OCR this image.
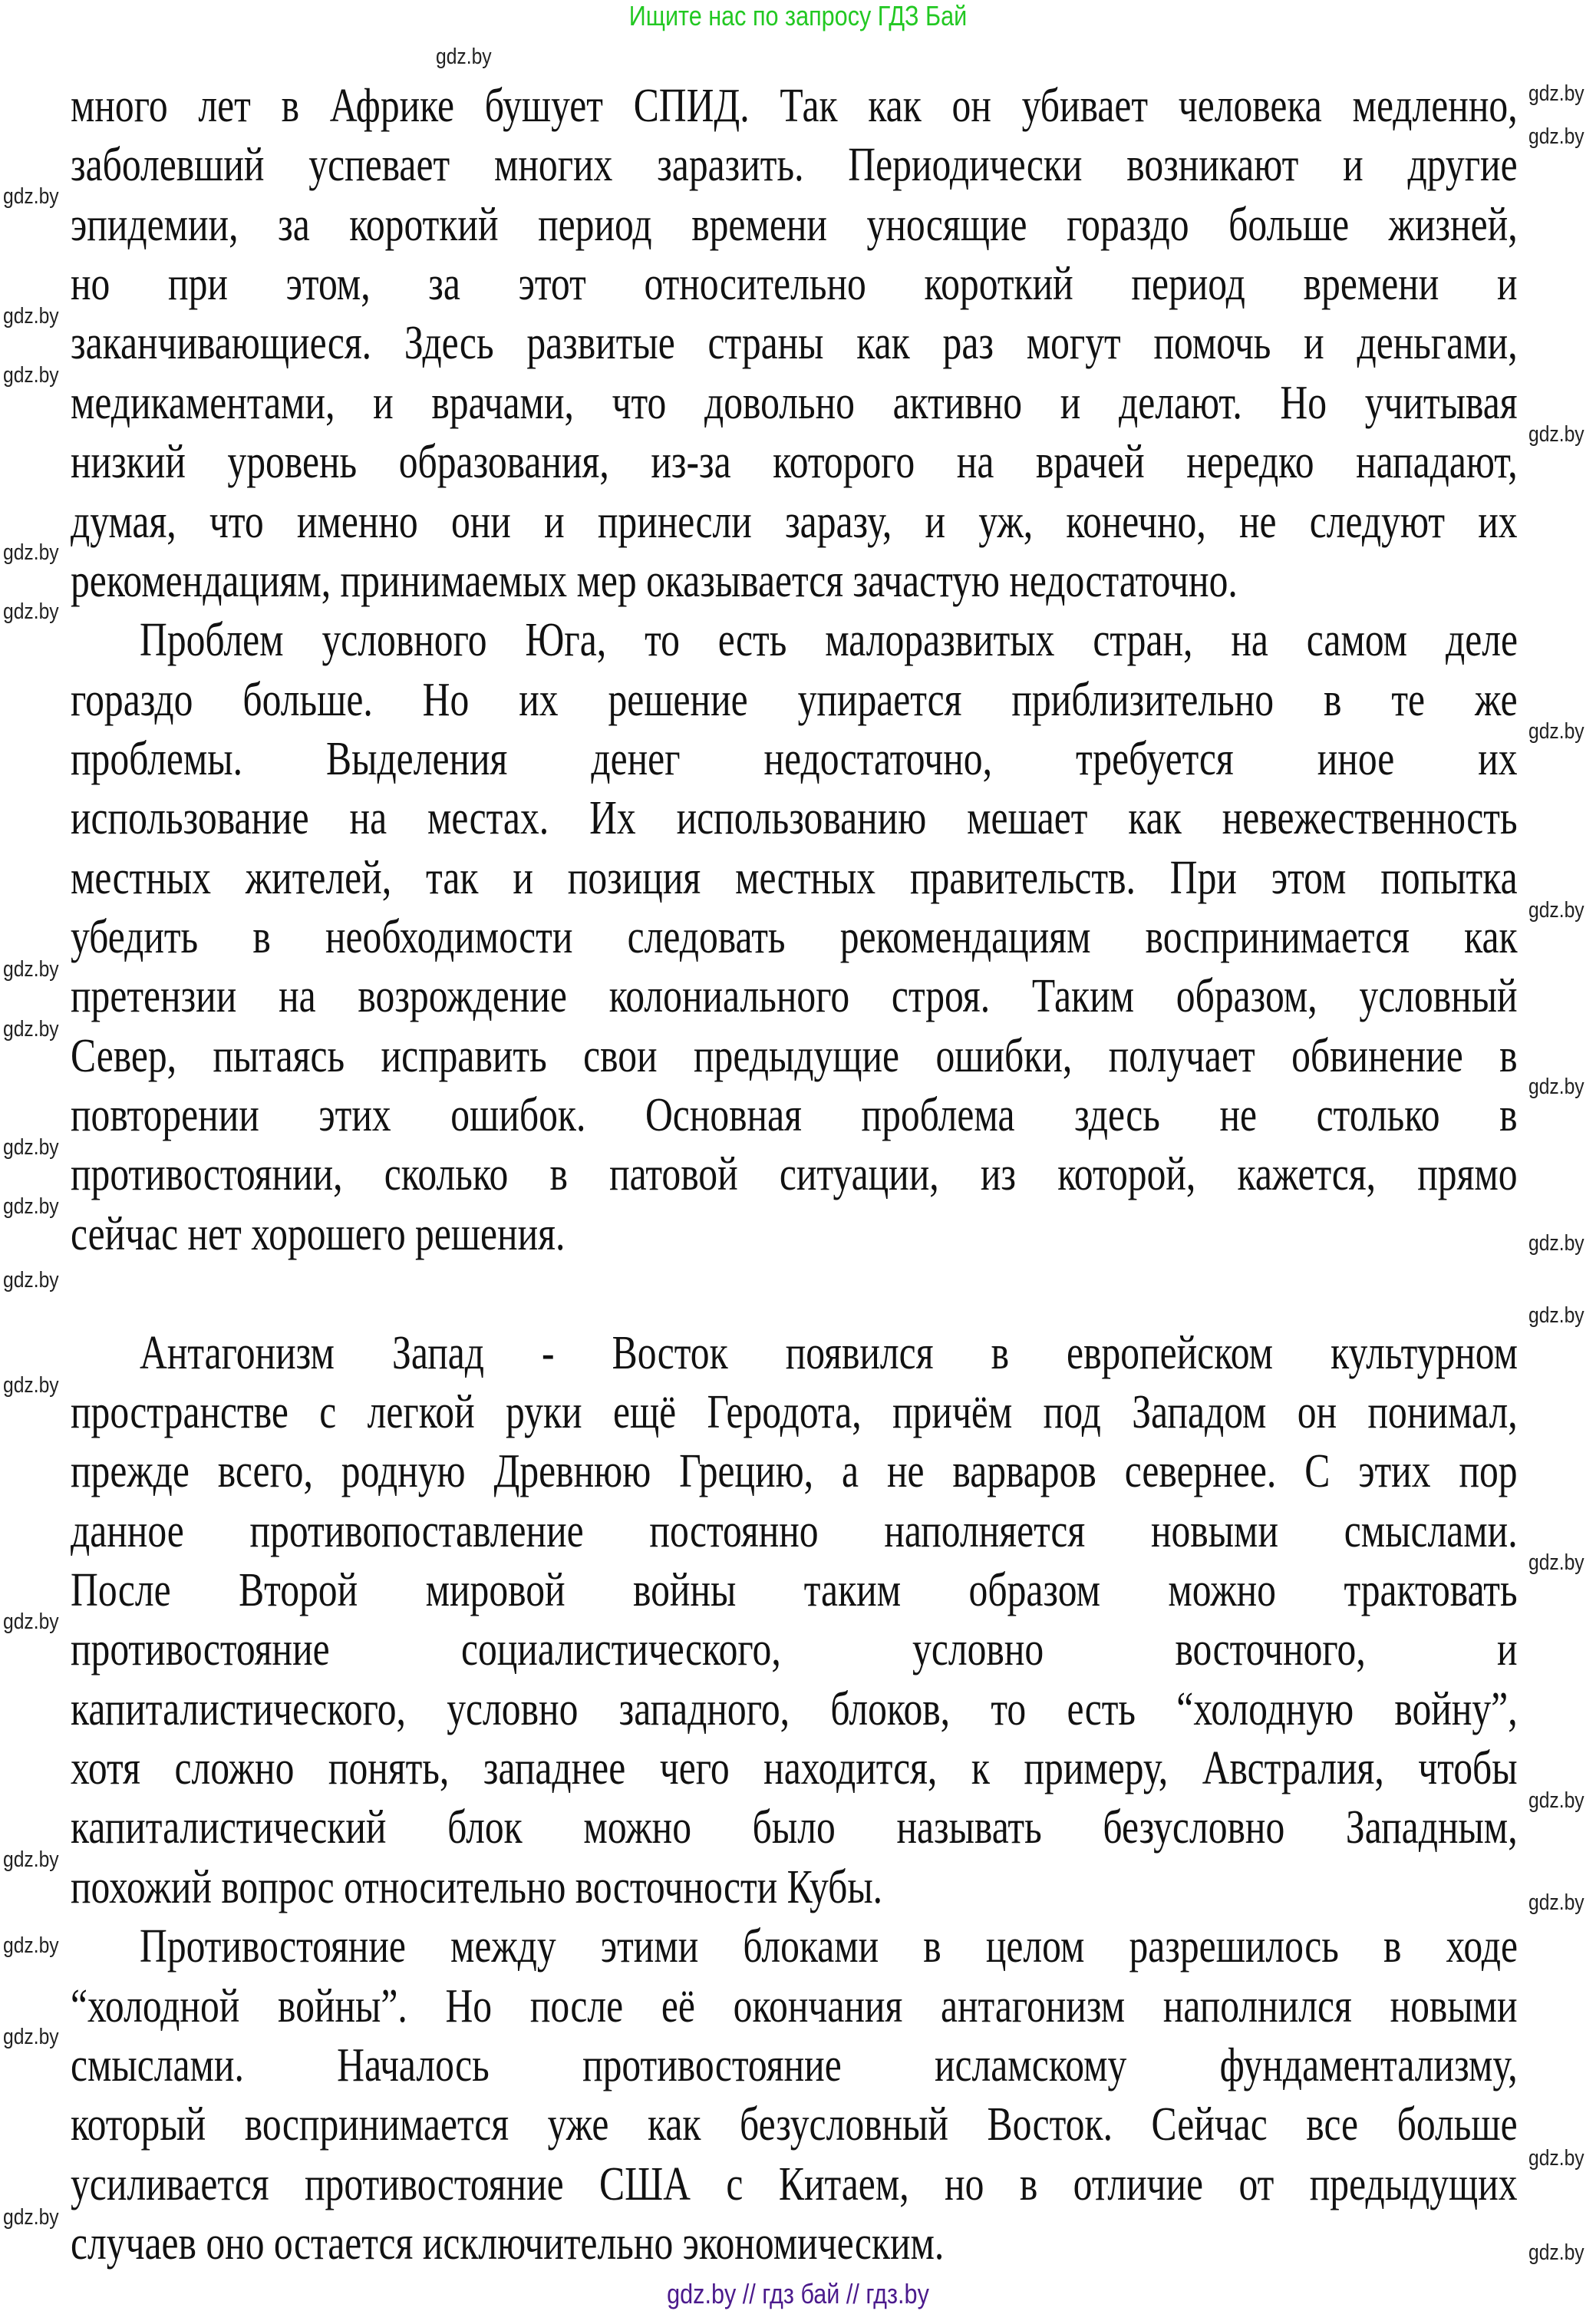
Ищите нас по запросу ГДЗ Бай
много лет в Африке бушует СПИД. Так как он убивает человека медленно,
заболевший успевает многих заразить. Периодически возникают и другие
эпидемии, за короткий период времени уносящие гораздо больше жизней,
но при этом, за этот относительно короткий период времени и
заканчивающиеся. Здесь развитые страны как раз могут помочь и деньгами,
медикаментами, и врачами, что довольно активно и делают. Но учитывая
низкий уровень образования, из-за которого на врачей нередко нападают,
думая, что именно они и принесли заразу, и уж, конечно, не следуют их
рекомендациям, принимаемых мер оказывается зачастую недостаточно.
Проблем условного Юга, то есть малоразвитых стран, на самом деле
гораздо больше. Но их решение упирается приблизительно в те же
проблемы. Выделения денег недостаточно, требуется иное их
использование на местах. Их использованию мешает как невежественность
местных жителей, так и позиция местных правительств. При этом попытка
убедить в необходимости следовать рекомендациям воспринимается как
претензии на возрождение колониального строя. Таким образом, условный
Север, пытаясь исправить свои предыдущие ошибки, получает обвинение в
повторении этих ошибок. Основная проблема здесь не столько в
противостоянии, сколько в патовой ситуации, из которой, кажется, прямо
сейчас нет хорошего решения.
Антагонизм Запад - Восток появился в европейском культурном
пространстве с легкой руки ещё Геродота, причём под Западом он понимал,
прежде всего, родную Древнюю Грецию, а не варваров севернее. С этих пор
данное противопоставление постоянно наполняется новыми смыслами.
После Второй мировой войны таким образом можно трактовать
противостояние социалистического, условно восточного, и
капиталистического, условно западного, блоков, то есть “холодную войну”,
хотя сложно понять, западнее чего находится, к примеру, Австралия, чтобы
капиталистический блок можно было называть безусловно Западным,
похожий вопрос относительно восточности Кубы.
Противостояние между этими блоками в целом разрешилось в ходе
“холодной войны”. Но после её окончания антагонизм наполнился новыми
смыслами. Началось противостояние исламскому фундаментализму,
который воспринимается уже как безусловный Восток. Сейчас все больше
усиливается противостояние США с Китаем, но в отличие от предыдущих
случаев оно остается исключительно экономическим.
gdz.by
gdz.by
gdz.by
gdz.by
gdz.by
gdz.by
gdz.by
gdz.by
gdz.by
gdz.by
gdz.by
gdz.by
gdz.by
gdz.by
gdz.by
gdz.by
gdz.by
gdz.by
gdz.by
gdz.by
gdz.by
gdz.by
gdz.by
gdz.by
gdz.by
gdz.by
gdz.by
gdz.by
gdz.by
gdz.by
gdz.by // гдз бай // гдз.by
